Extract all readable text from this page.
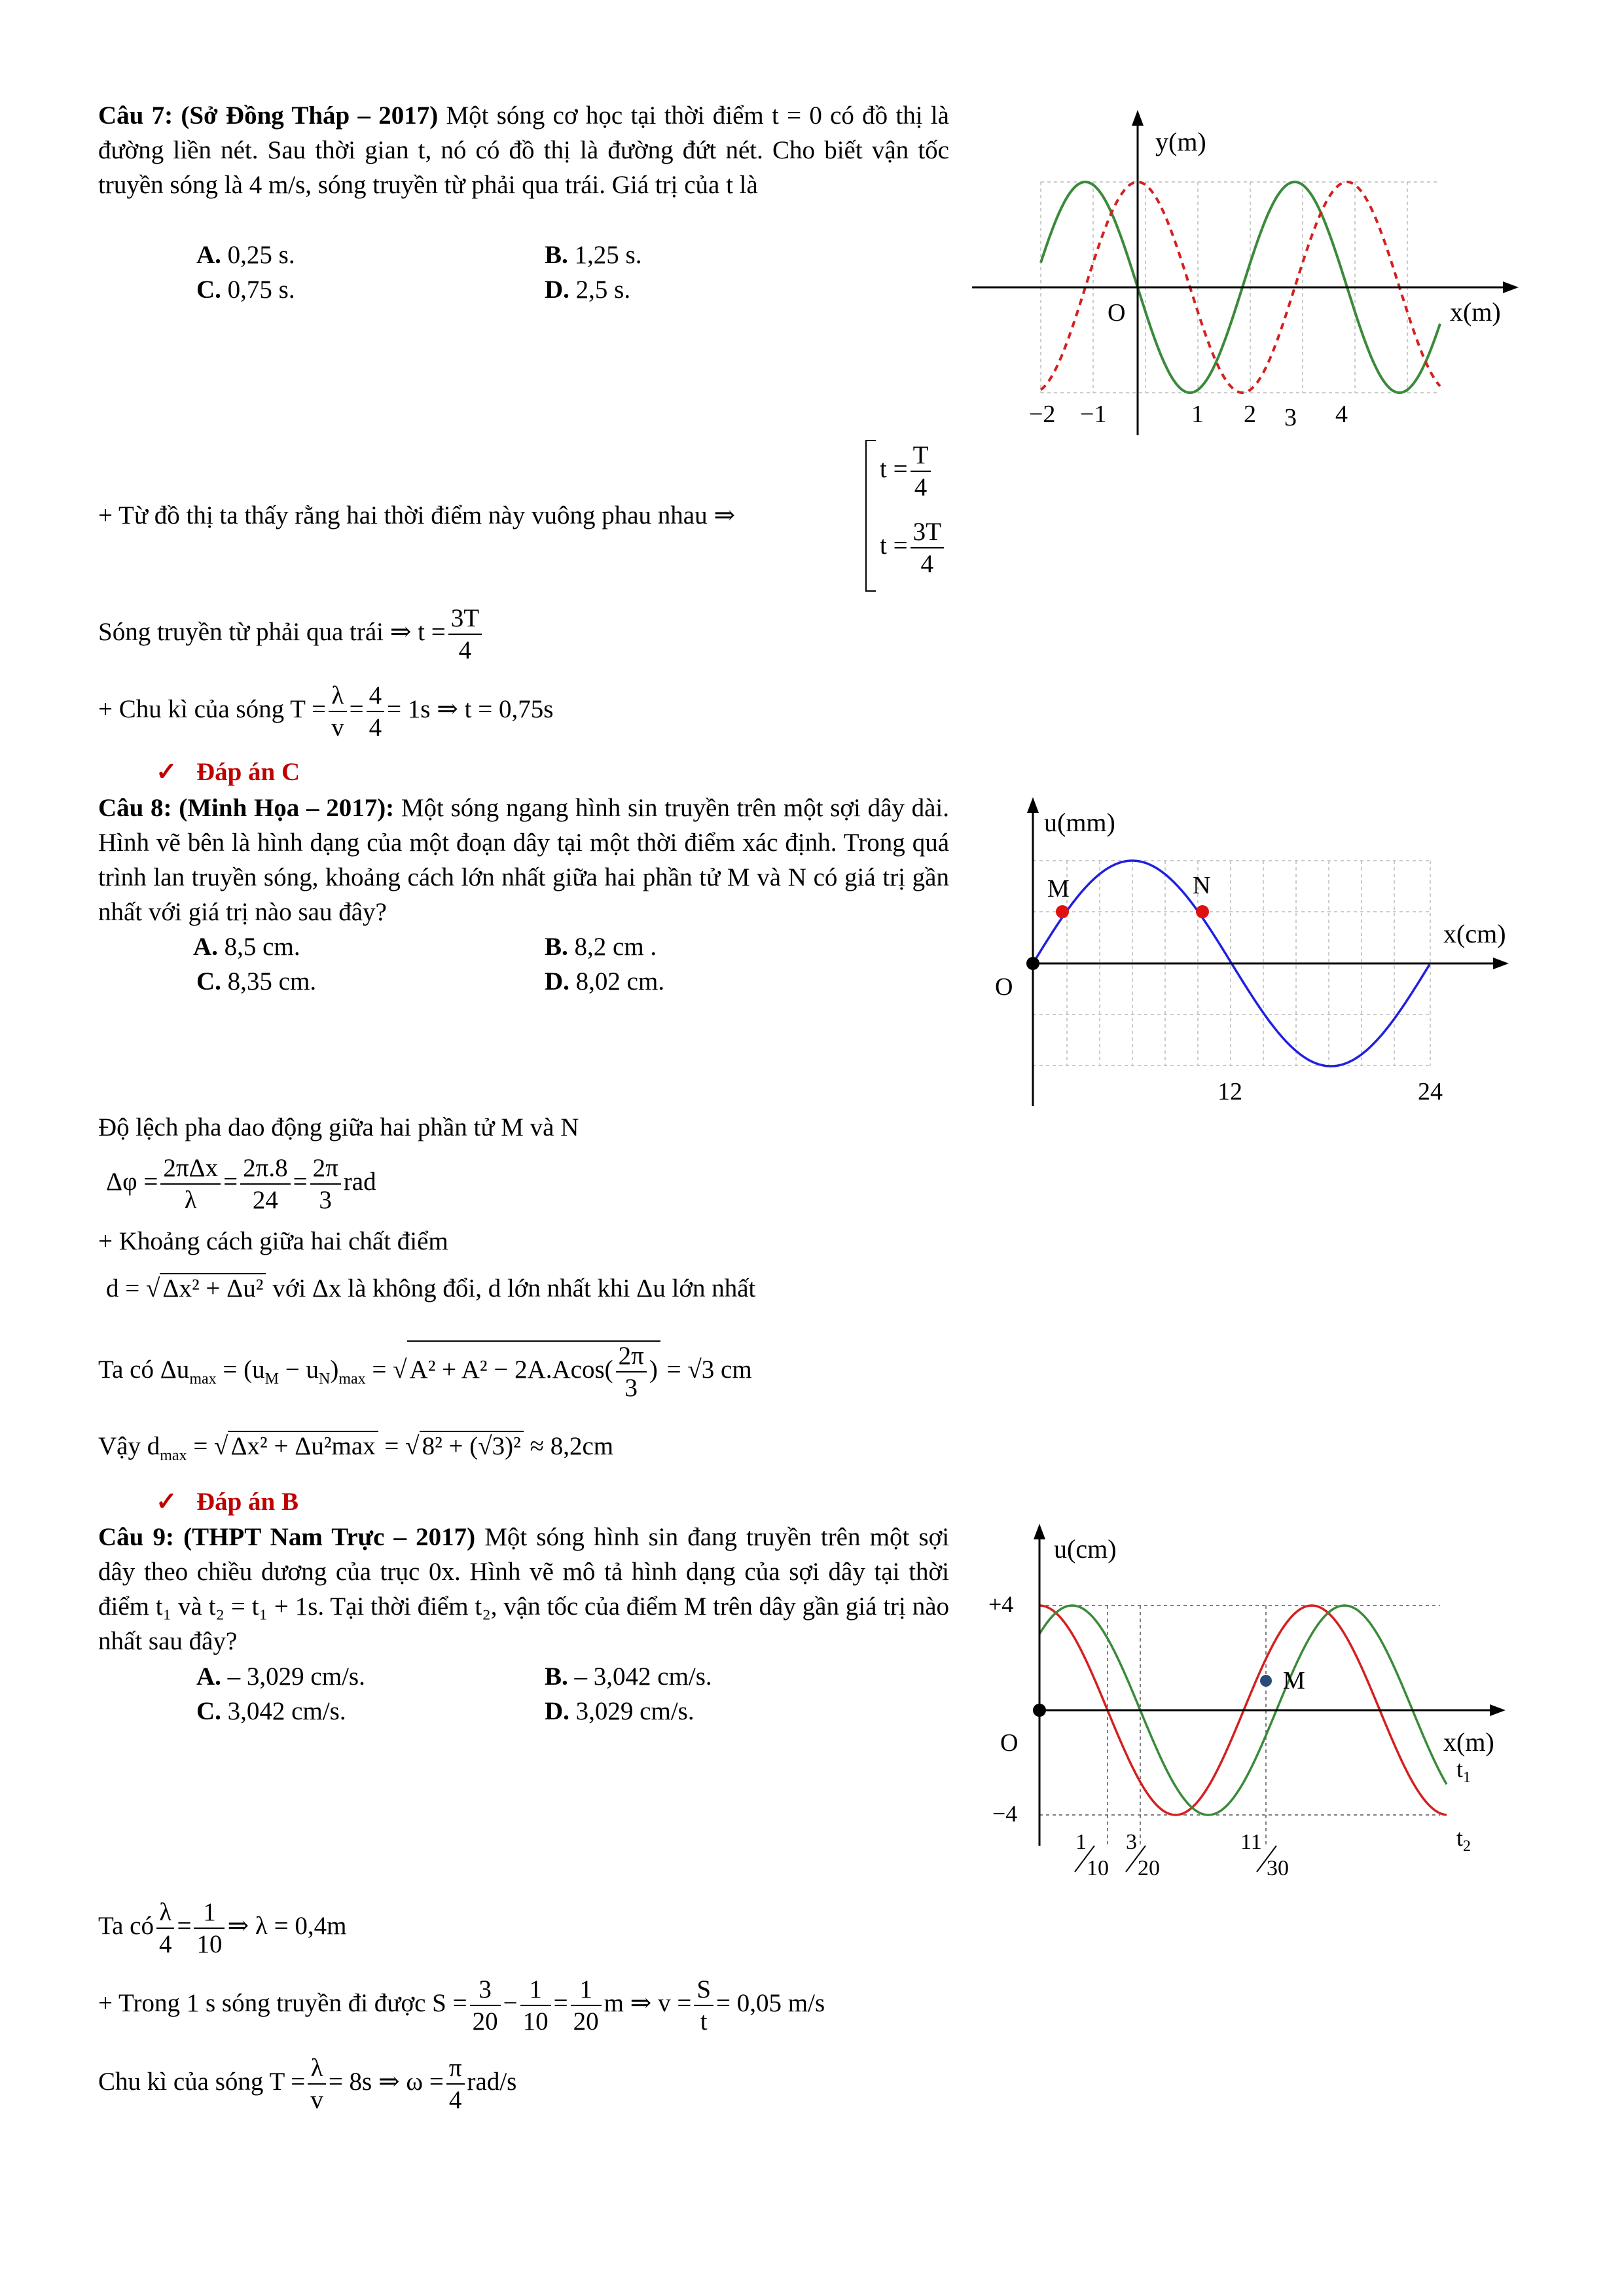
Câu 7: (Sở Đồng Tháp – 2017) Một sóng cơ học tại thời điểm t = 0 có đồ thị là đường liền nét. Sau thời gian t, nó có đồ thị là đường đứt nét. Cho biết vận tốc truyền sóng là 4 m/s, sóng truyền từ phải qua trái. Giá trị của t là
A. 0,25 s.	B. 1,25 s.
C. 0,75 s.	D. 2,5 s.
y(m)
x(m)
O
−2 −1	1 2 3 4
+ Từ đồ thị ta thấy rằng hai thời điểm này vuông phau nhau ⇒
$t = \frac{T}{4}$
$t = \frac{3T}{4}$
Sóng truyền từ phải qua trái ⇒ $t = \frac{3T}{4}$
+ Chu kì của sóng $T = \frac{\lambda}{v} = \frac{4}{4} = 1s$ ⇒ t = 0,75s
✓ Đáp án C
Câu 8: (Minh Họa – 2017): Một sóng ngang hình sin truyền trên một sợi dây dài. Hình vẽ bên là hình dạng của một đoạn dây tại một thời điểm xác định. Trong quá trình lan truyền sóng, khoảng cách lớn nhất giữa hai phần tử M và N có giá trị gần nhất với giá trị nào sau đây?
A. 8,5 cm.	B. 8,2 cm .
C. 8,35 cm.	D. 8,02 cm.
u(mm)
x(cm)
O
M	N
12	24
Độ lệch pha dao động giữa hai phần tử M và N
$\Delta\varphi = \frac{\text{2πΔx}}{\lambda} = \frac{2\pi.8}{24} = \frac{2\pi}{3}$ rad
+ Khoảng cách giữa hai chất điểm
d = √ Δx² + Δu² với Δx là không đổi, d lớn nhất khi Δu lớn nhất
Ta có $\Delta u_{max} = (u_M - u_N)_{max}$ = √ $A^2 + A^2 - 2A.Acos( \frac{2\pi}{3}$ ) = √3 cm
Vậy $d_{max}$ = √ Δx² + Δu²max = √ 8² + (√3)² ≈ 8,2cm
✓ Đáp án B
Câu 9: (THPT Nam Trực – 2017) Một sóng hình sin đang truyền trên một sợi dây theo chiều dương của trục 0x. Hình vẽ mô tả hình dạng của sợi dây tại thời điểm t₁ và t₂ = t₁ + 1s. Tại thời điểm t₂, vận tốc của điểm M trên dây gần giá trị nào nhất sau đây?
A. – 3,029 cm/s.	B. – 3,042 cm/s.
C. 3,042 cm/s.	D. 3,029 cm/s.
u(cm)
x(m)
O
+4
−4
M
$t_1$
$t_2$
1
10
3
20
11
30
Ta có $\frac{\lambda}{4} = \frac{1}{10}$ ⇒ λ = 0,4m
+ Trong 1 s sóng truyền đi được $S = \frac{3}{20} - \frac{1}{10} = \frac{1}{20}$ m ⇒ $v = \frac{S}{t} = 0,05$ m/s
Chu kì của sóng $T = \frac{\lambda}{v} = 8s$ ⇒ $\omega = \frac{\pi}{4} rad/s$
